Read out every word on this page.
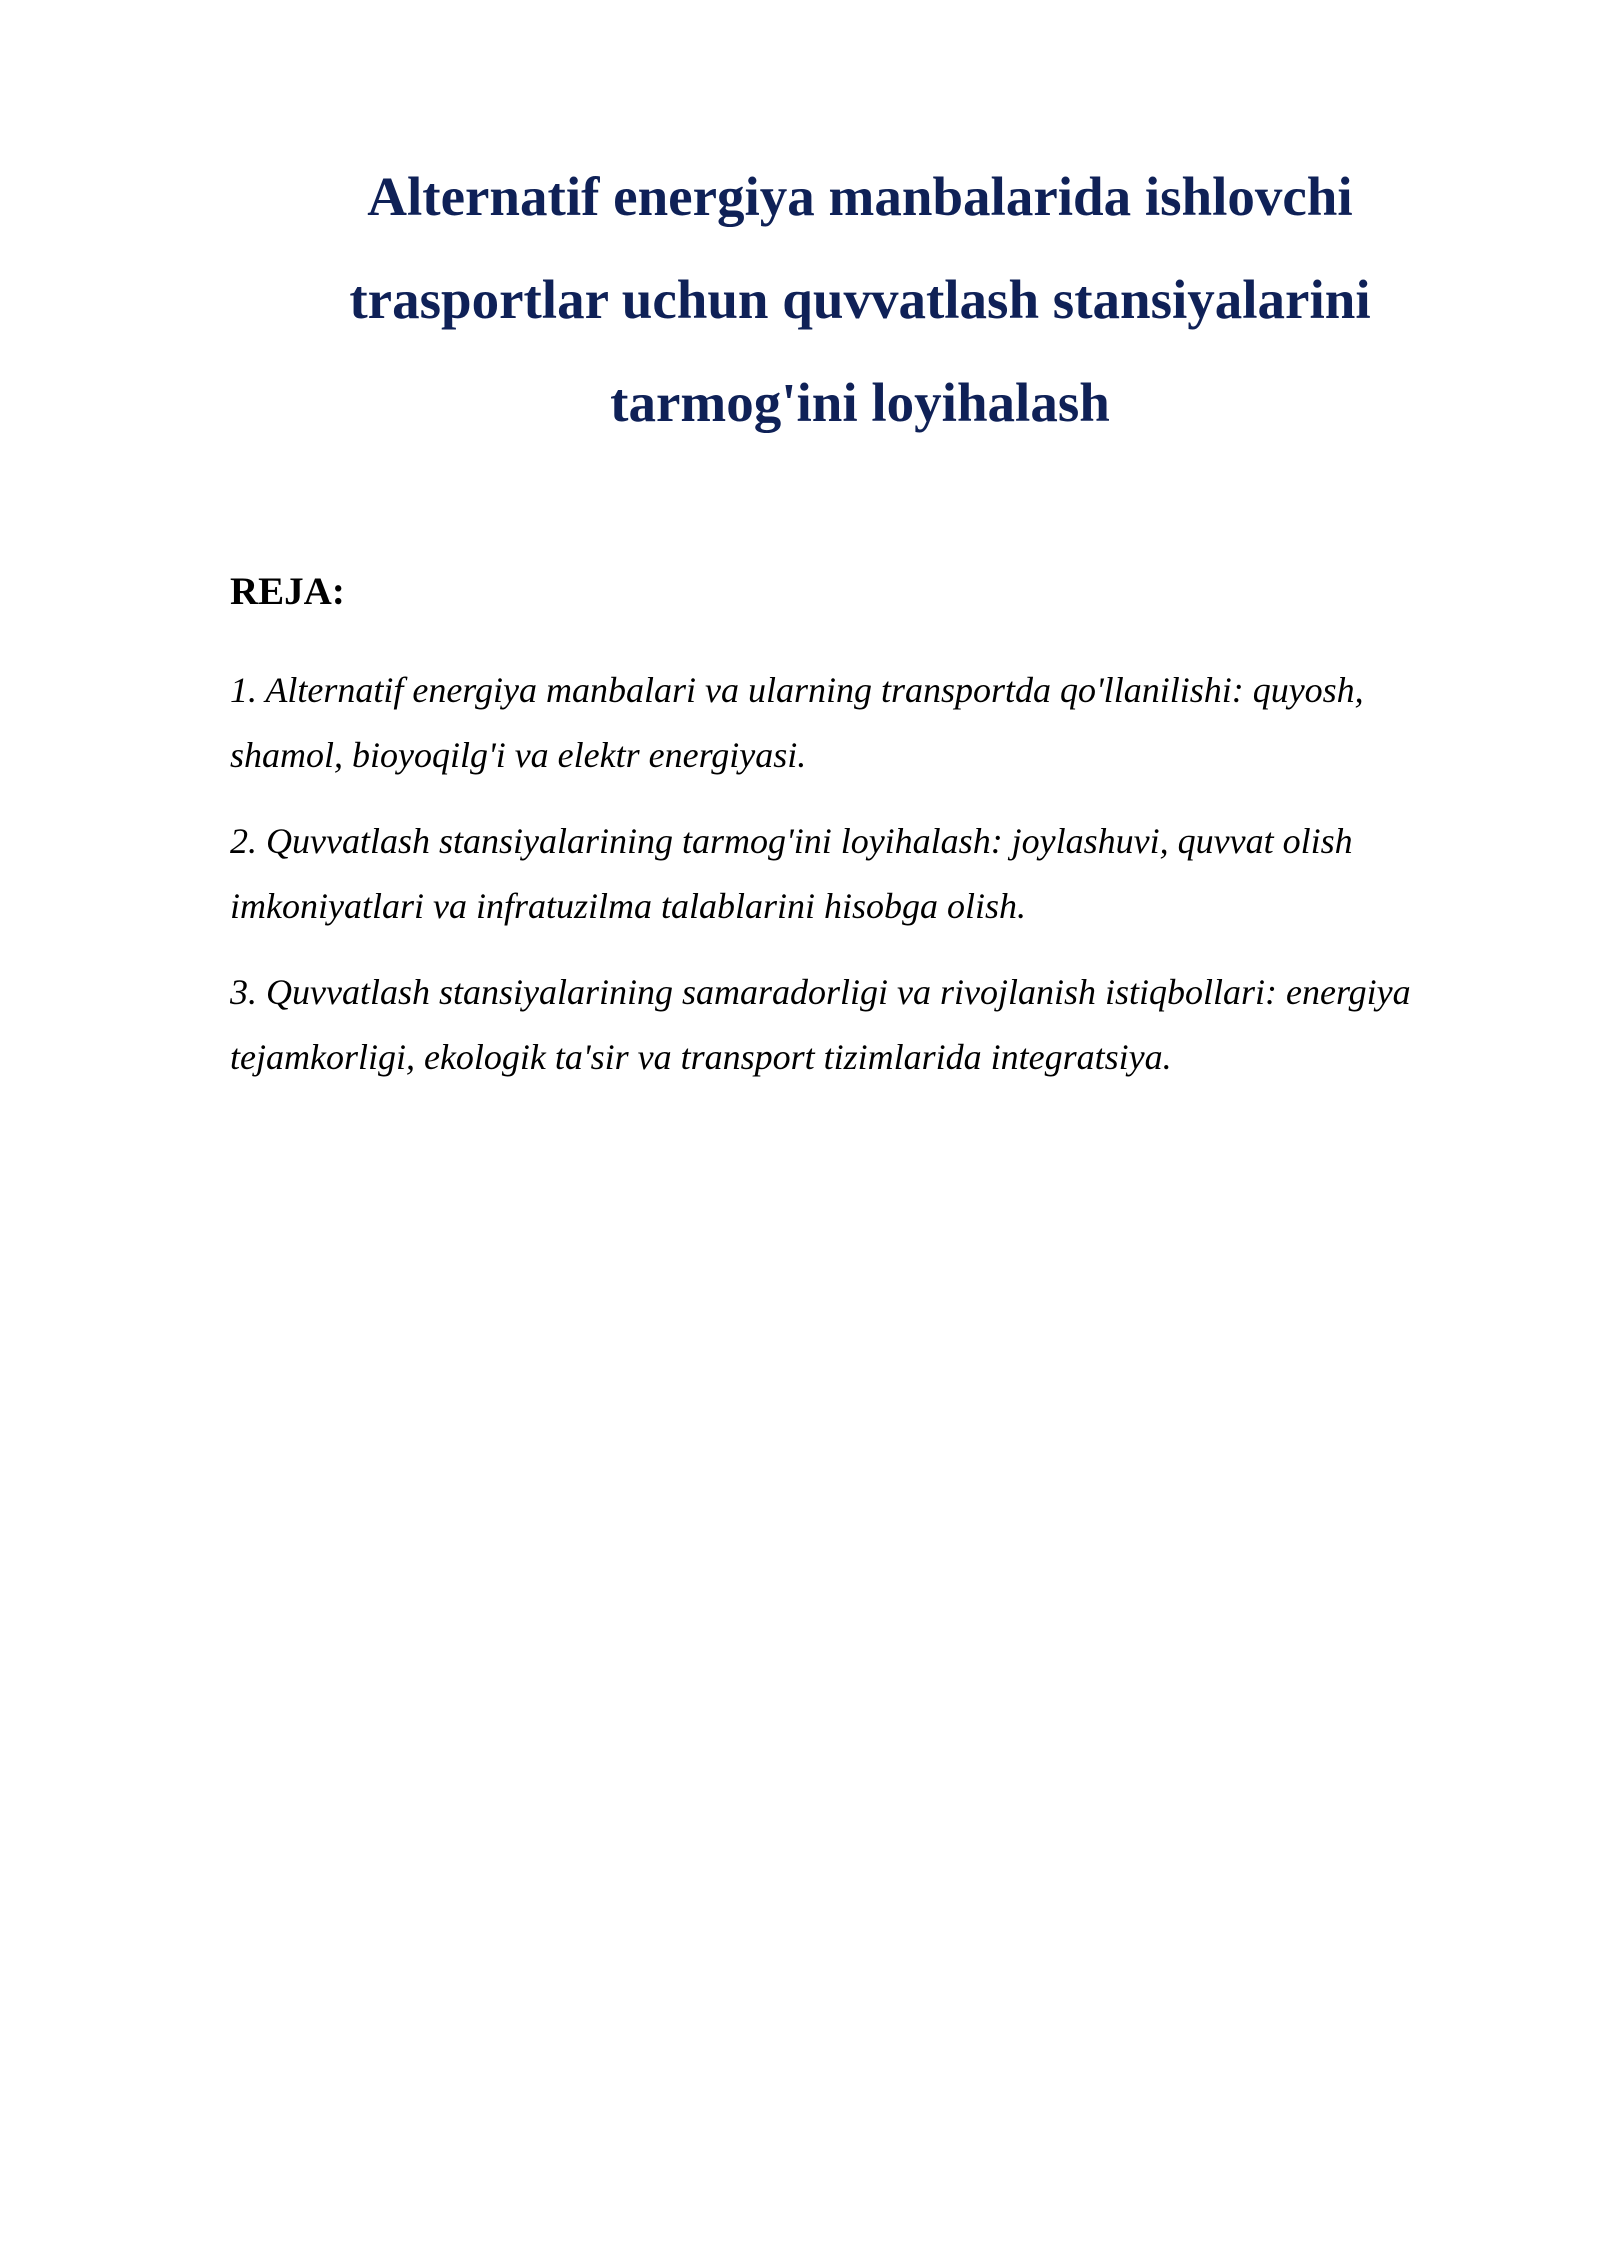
Alternatif energiya manbalarida ishlovchi
trasportlar uchun quvvatlash stansiyalarini
tarmog'ini loyihalash
REJA:
1. Alternatif energiya manbalari va ularning transportda qo'llanilishi: quyosh,
shamol, bioyoqilg'i va elektr energiyasi.
2. Quvvatlash stansiyalarining tarmog'ini loyihalash: joylashuvi, quvvat olish
imkoniyatlari va infratuzilma talablarini hisobga olish.
3. Quvvatlash stansiyalarining samaradorligi va rivojlanish istiqbollari: energiya
tejamkorligi, ekologik ta'sir va transport tizimlarida integratsiya.
